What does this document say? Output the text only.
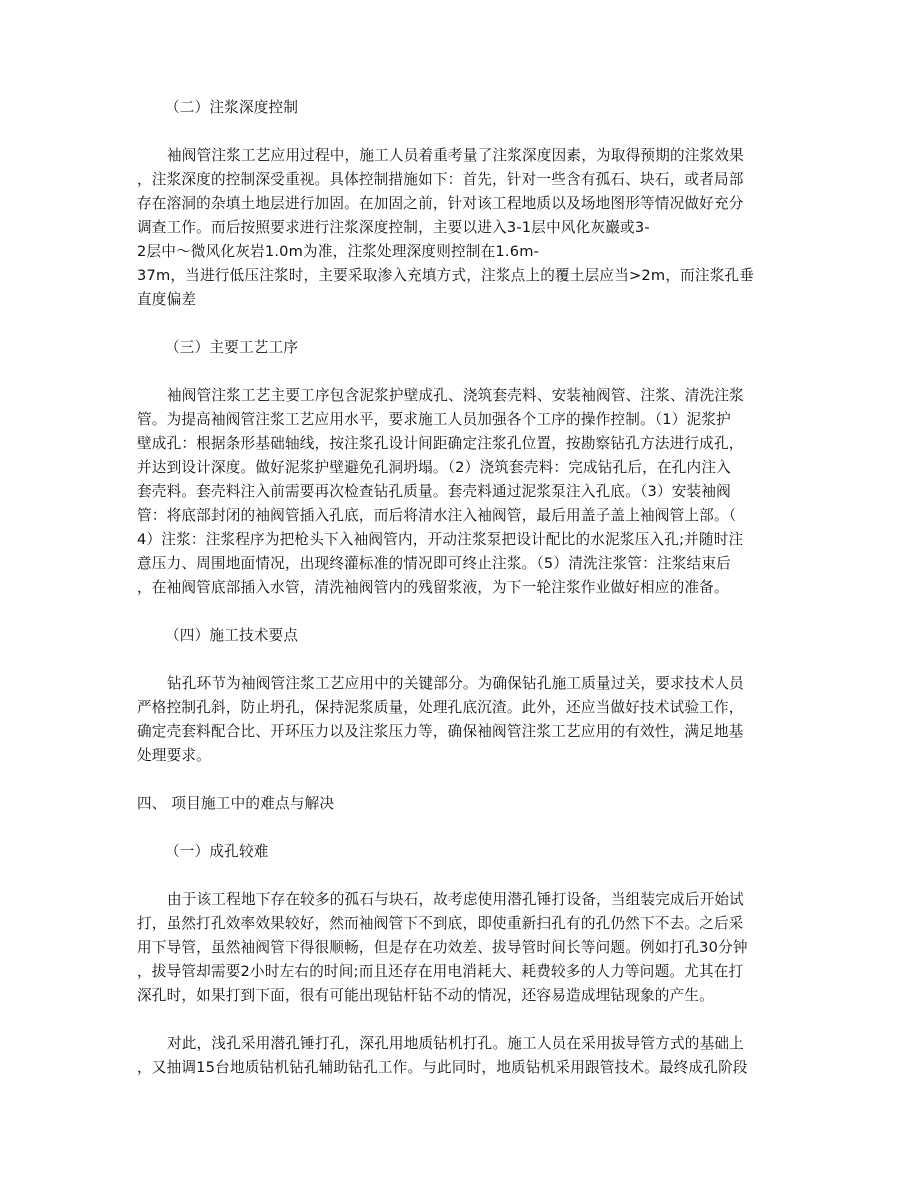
（二）注浆深度控制
袖阀管注浆工艺应用过程中，施工人员着重考量了注浆深度因素，为取得预期的注浆效果
，注浆深度的控制深受重视。具体控制措施如下：首先，针对一些含有孤石、块石，或者局部
存在溶洞的杂填土地层进行加固。在加固之前，针对该工程地质以及场地图形等情况做好充分
调查工作。而后按照要求进行注浆深度控制，主要以进入3-1层中风化灰巖或3-
2层中～微风化灰岩1.0m为准，注浆处理深度则控制在1.6m-
37m，当进行低压注浆时，主要采取渗入充填方式，注浆点上的覆土层应当>2m，而注浆孔垂
直度偏差
（三）主要工艺工序
袖阀管注浆工艺主要工序包含泥浆护壁成孔、浇筑套壳料、安装袖阀管、注浆、清洗注浆
管。为提高袖阀管注浆工艺应用水平，要求施工人员加强各个工序的操作控制。（1）泥浆护
壁成孔：根据条形基础轴线，按注浆孔设计间距确定注浆孔位置，按勘察钻孔方法进行成孔，
并达到设计深度。做好泥浆护壁避免孔洞坍塌。（2）浇筑套壳料：完成钻孔后，在孔内注入
套壳料。套壳料注入前需要再次检查钻孔质量。套壳料通过泥浆泵注入孔底。（3）安装袖阀
管：将底部封闭的袖阀管插入孔底，而后将清水注入袖阀管，最后用盖子盖上袖阀管上部。（
4）注浆：注浆程序为把枪头下入袖阀管内，开动注浆泵把设计配比的水泥浆压入孔;并随时注
意压力、周围地面情况，出现终灌标准的情况即可终止注浆。（5）清洗注浆管：注浆结束后
，在袖阀管底部插入水管，清洗袖阀管内的残留浆液，为下一轮注浆作业做好相应的准备。
（四）施工技术要点
钻孔环节为袖阀管注浆工艺应用中的关键部分。为确保钻孔施工质量过关，要求技术人员
严格控制孔斜，防止坍孔，保持泥浆质量，处理孔底沉渣。此外，还应当做好技术试验工作，
确定壳套料配合比、开环压力以及注浆压力等，确保袖阀管注浆工艺应用的有效性，满足地基
处理要求。
四、 项目施工中的难点与解决
（一）成孔较难
由于该工程地下存在较多的孤石与块石，故考虑使用潜孔锤打设备，当组装完成后开始试
打，虽然打孔效率效果较好，然而袖阀管下不到底，即使重新扫孔有的孔仍然下不去。之后采
用下导管，虽然袖阀管下得很顺畅，但是存在功效差、拔导管时间长等问题。例如打孔30分钟
，拔导管却需要2小时左右的时间;而且还存在用电消耗大、耗费较多的人力等问题。尤其在打
深孔时，如果打到下面，很有可能出现钻杆钻不动的情况，还容易造成埋钻现象的产生。
对此，浅孔采用潜孔锤打孔，深孔用地质钻机打孔。施工人员在采用拔导管方式的基础上
，又抽调15台地质钻机钻孔辅助钻孔工作。与此同时，地质钻机采用跟管技术。最终成孔阶段
